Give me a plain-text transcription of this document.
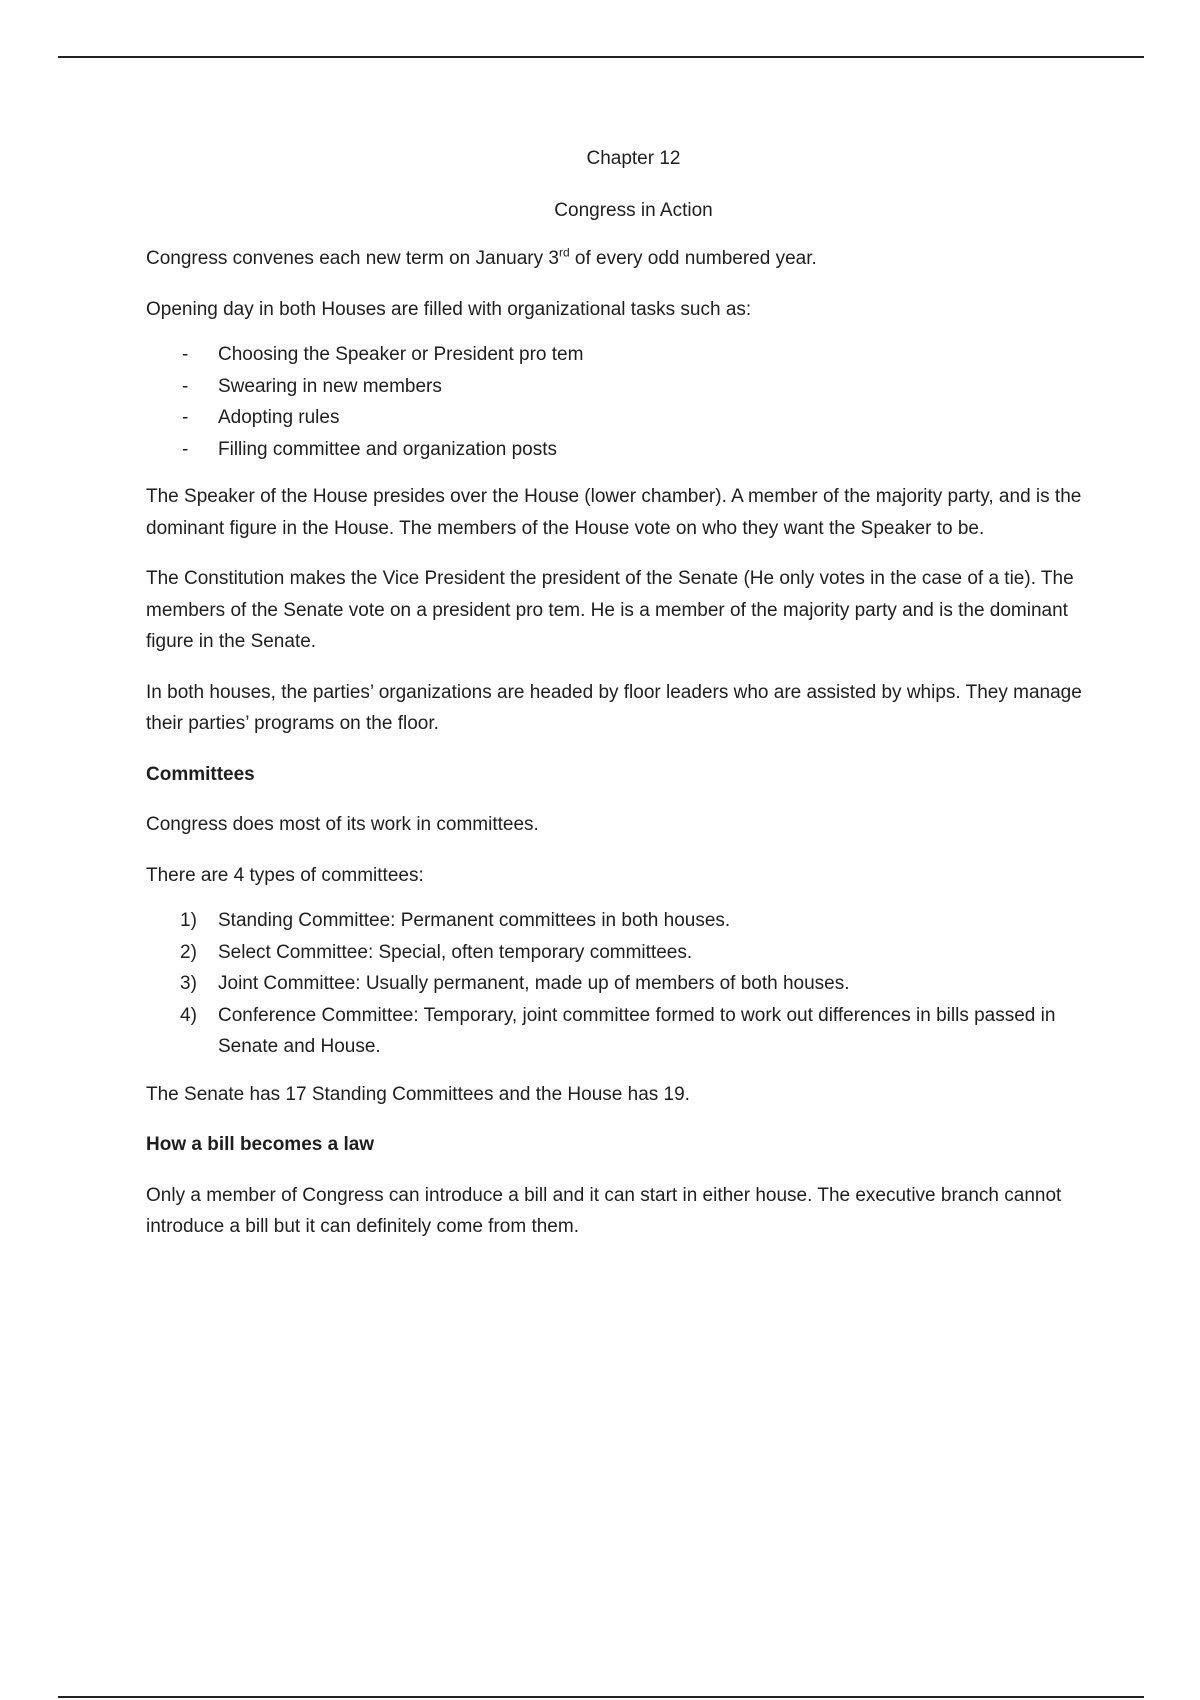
Chapter 12

Congress in Action

Congress convenes each new term on January 3rd of every odd numbered year.

Opening day in both Houses are filled with organizational tasks such as:

- Choosing the Speaker or President pro tem
- Swearing in new members
- Adopting rules
- Filling committee and organization posts

The Speaker of the House presides over the House (lower chamber). A member of the majority party, and is the dominant figure in the House. The members of the House vote on who they want the Speaker to be.

The Constitution makes the Vice President the president of the Senate (He only votes in the case of a tie). The members of the Senate vote on a president pro tem. He is a member of the majority party and is the dominant figure in the Senate.

In both houses, the parties’ organizations are headed by floor leaders who are assisted by whips. They manage their parties’ programs on the floor.

Committees

Congress does most of its work in committees.

There are 4 types of committees:

1) Standing Committee: Permanent committees in both houses.
2) Select Committee: Special, often temporary committees.
3) Joint Committee: Usually permanent, made up of members of both houses.
4) Conference Committee: Temporary, joint committee formed to work out differences in bills passed in Senate and House.

The Senate has 17 Standing Committees and the House has 19.

How a bill becomes a law

Only a member of Congress can introduce a bill and it can start in either house. The executive branch cannot introduce a bill but it can definitely come from them.
